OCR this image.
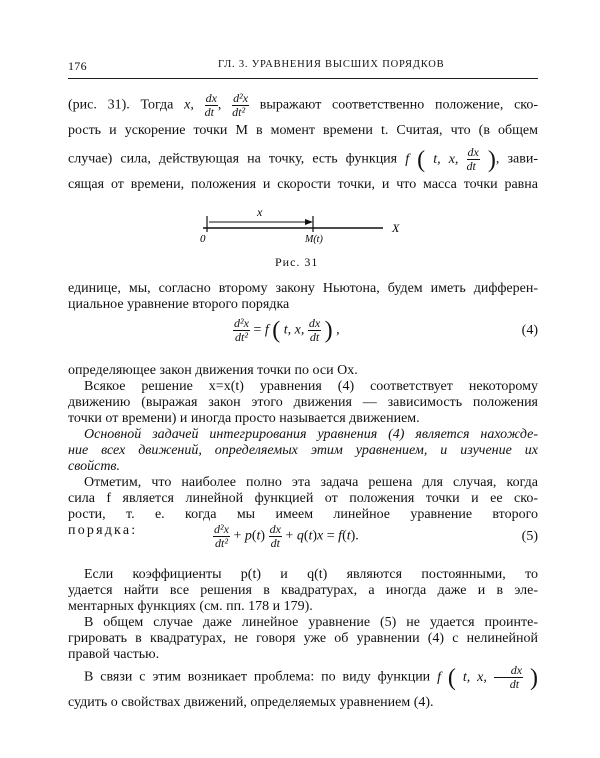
176	ГЛ. 3. УРАВНЕНИЯ ВЫСШИХ ПОРЯДКОВ
(рис. 31). Тогда x, $\frac{dx}{dt}$ , $\frac{\text{d²x}}{\text{dt²}}$ выражают соответственно положение, ско-
рость и ускорение точки M в момент времени t. Считая, что (в общем
случае) сила, действующая на точку, есть функция f ( t, x, $\frac{dx}{dt}$ ), зави-
сящая от времени, положения и скорости точки, и что масса точки равна
x
0	M(t)
X
Рис. 31
единице, мы, согласно второму закону Ньютона, будем иметь дифферен-
циальное уравнение второго порядка
$\frac{\text{d²x}}{\text{dt²}} = f$ ( t, x, $\frac{dx}{dt}$ ) ,	(4)
определяющее закон движения точки по оси Ox.
Всякое решение x=x(t) уравнения (4) соответствует некоторому
движению (выражая закон этого движения — зависимость положения
точки от времени) и иногда просто называется движением.
Основной задачей интегрирования уравнения (4) является нахожде-
ние всех движений, определяемых этим уравнением, и изучение их
свойств.
Отметим, что наиболее полно эта задача решена для случая, когда
сила f является линейной функцией от положения точки и ее ско-
рости, т. е. когда мы имеем линейное уравнение второго
порядка:	$\frac{\text{d²x}}{\text{dt²}} + p(t) \frac{dx}{dt} + q(t)x = f(t)$.	(5)
Если коэффициенты p(t) и q(t) являются постоянными, то
удается найти все решения в квадратурах, а иногда даже и в эле-
ментарных функциях (см. пп. 178 и 179).
В общем случае даже линейное уравнение (5) не удается проинте-
грировать в квадратурах, не говоря уже об уравнении (4) с нелинейной
правой частью.
В связи с этим возникает проблема: по виду функции f ( t, x, $\frac{dx}{dt}$ )
судить о свойствах движений, определяемых уравнением (4).
